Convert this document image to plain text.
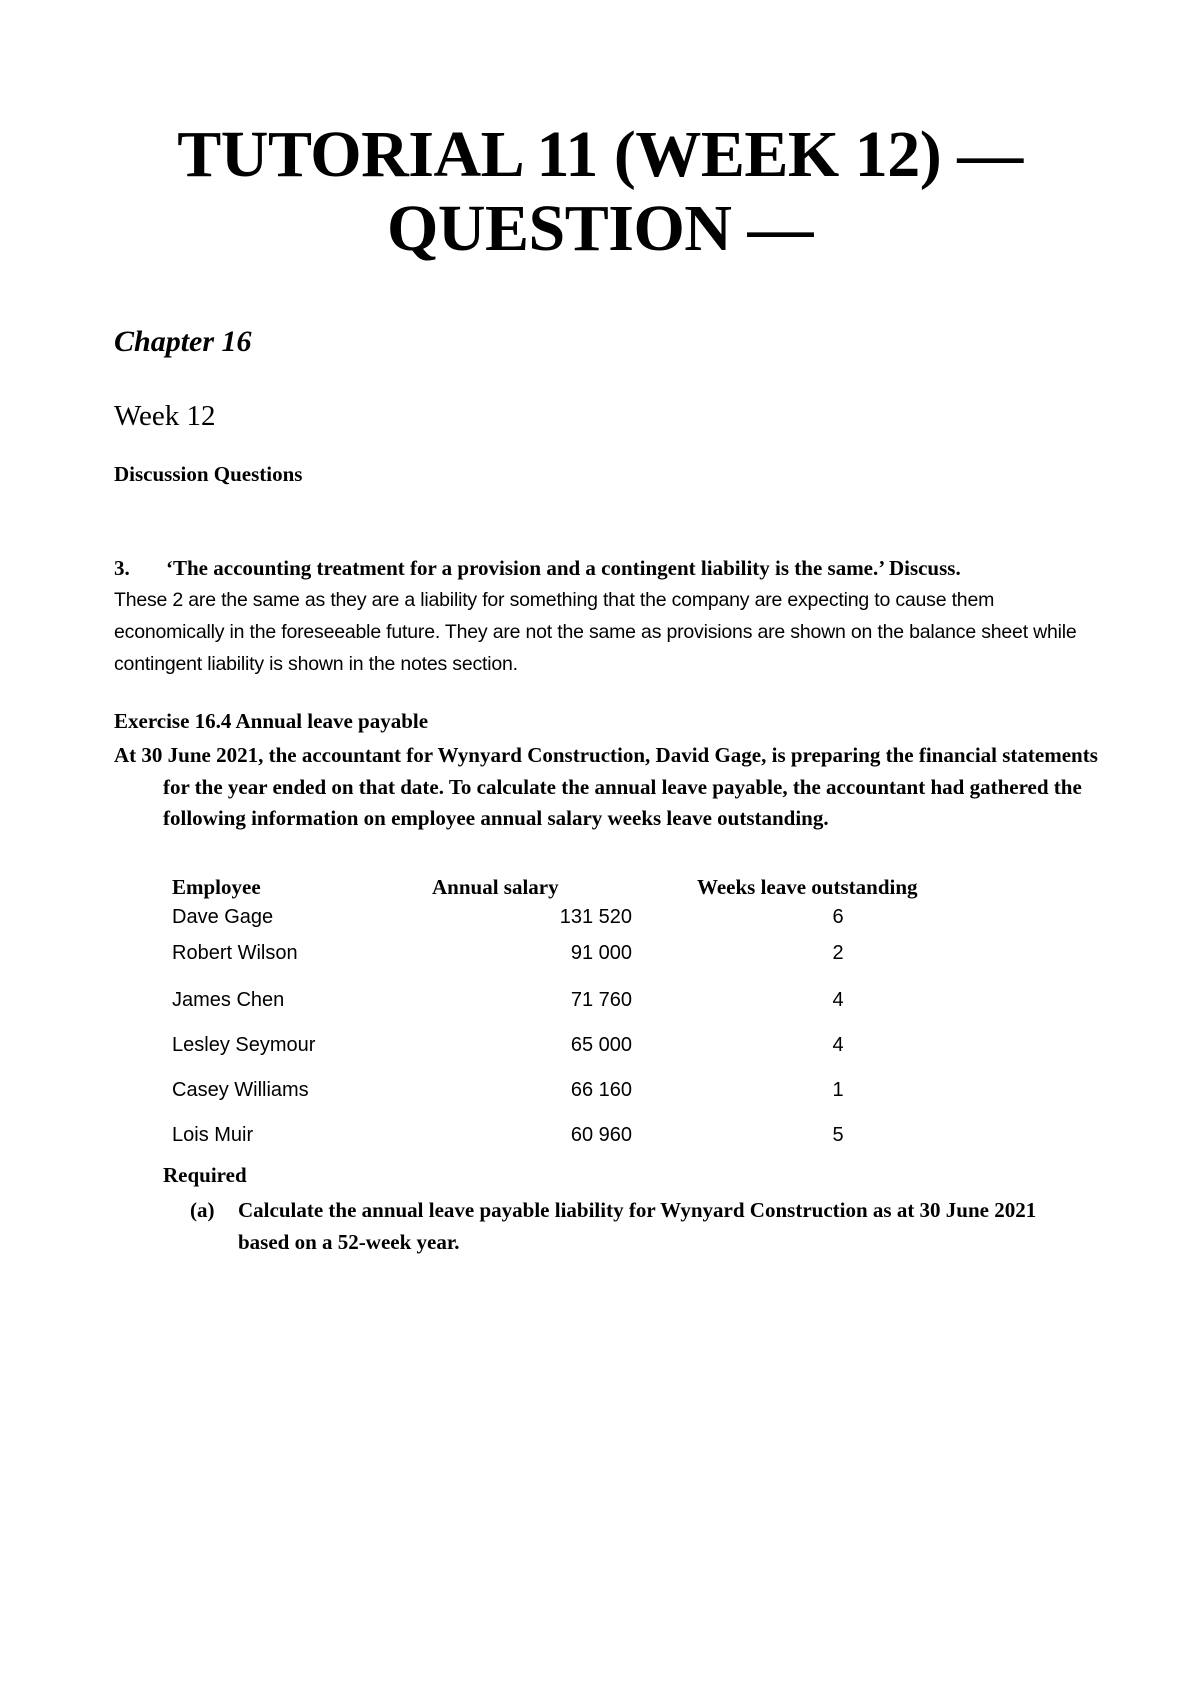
TUTORIAL 11 (WEEK 12) —
QUESTION —
Chapter 16
Week 12
Discussion Questions
3. ‘The accounting treatment for a provision and a contingent liability is the same.’ Discuss.
These 2 are the same as they are a liability for something that the company are expecting to cause them economically in the foreseeable future. They are not the same as provisions are shown on the balance sheet while contingent liability is shown in the notes section.
Exercise 16.4 Annual leave payable
At 30 June 2021, the accountant for Wynyard Construction, David Gage, is preparing the financial statements for the year ended on that date. To calculate the annual leave payable, the accountant had gathered the following information on employee annual salary weeks leave outstanding.
Employee	Annual salary	Weeks leave outstanding
Dave Gage	131 520	6
Robert Wilson	91 000	2
James Chen	71 760	4
Lesley Seymour	65 000	4
Casey Williams	66 160	1
Lois Muir	60 960	5
Required
(a) Calculate the annual leave payable liability for Wynyard Construction as at 30 June 2021 based on a 52-week year.
